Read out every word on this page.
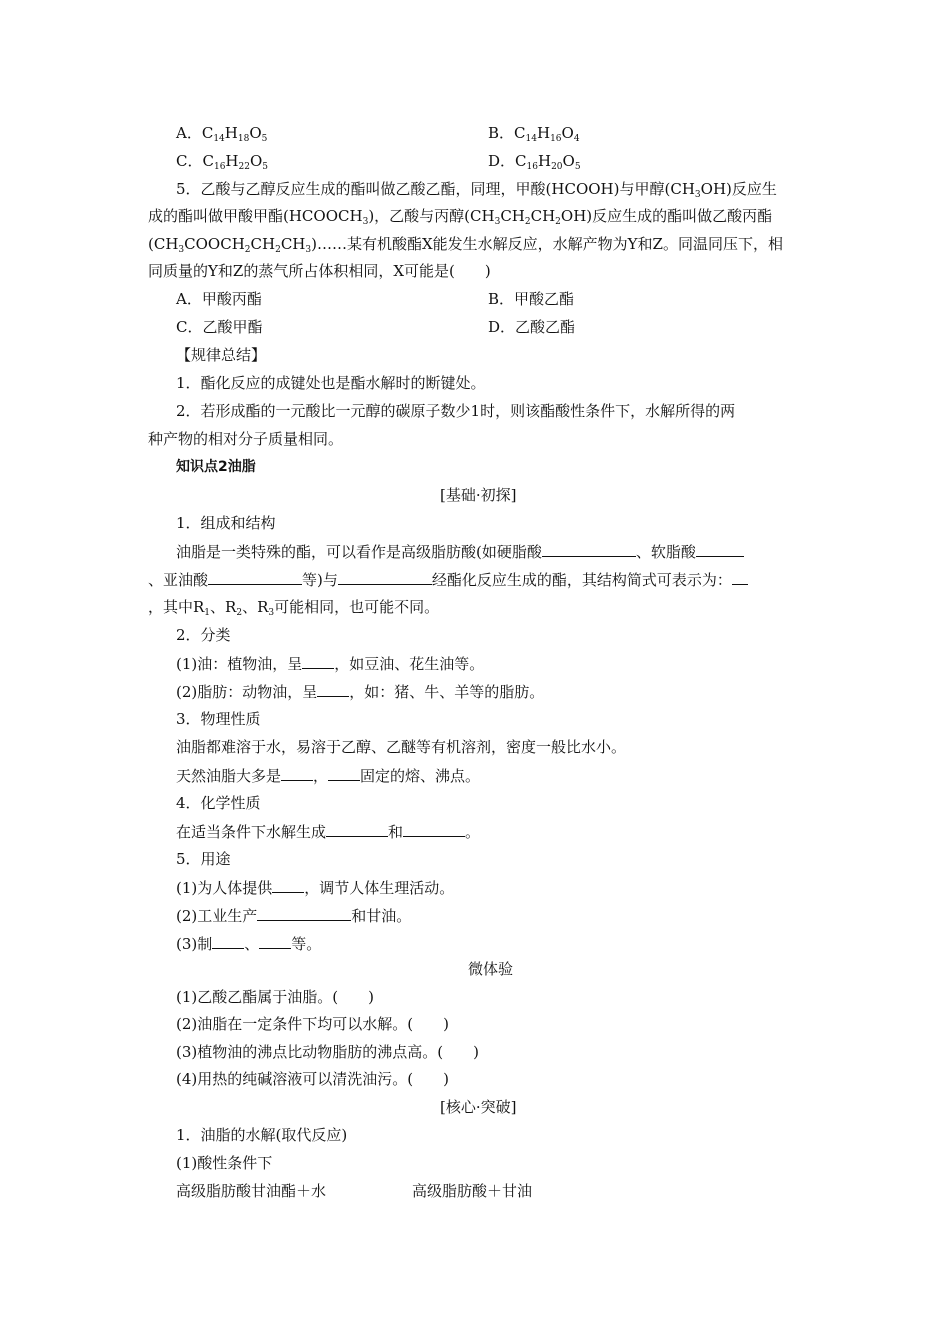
A．$C_{14}H_{18}O_5$	B．$C_{14}H_{16}O_4$
C．$C_{16}H_{22}O_5$	D．$C_{16}H_{20}O_5$
5．乙酸与乙醇反应生成的酯叫做乙酸乙酯，同理，甲酸(HCOOH)与甲醇$(CH_3OH)$反应生
成的酯叫做甲酸甲酯$(HCOOCH_3)$，乙酸与丙醇$(CH_3CH_2CH_2OH)$反应生成的酯叫做乙酸丙酯
$(CH_3COOCH_2CH_2CH_3)\dots\dots$某有机酸酯X能发生水解反应，水解产物为Y和Z。同温同压下，相
同质量的Y和Z的蒸气所占体积相同，X可能是(　　)
A．甲酸丙酯	B．甲酸乙酯
C．乙酸甲酯	D．乙酸乙酯
【规律总结】
1．酯化反应的成键处也是酯水解时的断键处。
2．若形成酯的一元酸比一元醇的碳原子数少1时，则该酯酸性条件下，水解所得的两
种产物的相对分子质量相同。
知识点2油脂
[基础·初探]
1．组成和结构
油脂是一类特殊的酯，可以看作是高级脂肪酸(如硬脂酸	、软脂酸
、亚油酸	等)与	经酯化反应生成的酯，其结构简式可表示为：
，其中$R_1$、$R_2$、$R_3$可能相同，也可能不同。
2．分类
(1)油：植物油，呈 ，如豆油、花生油等。
(2)脂肪：动物油，呈 ，如：猪、牛、羊等的脂肪。
3．物理性质
油脂都难溶于水，易溶于乙醇、乙醚等有机溶剂，密度一般比水小。
天然油脂大多是 ， 固定的熔、沸点。
4．化学性质
在适当条件下水解生成	和	。
5．用途
(1)为人体提供 ，调节人体生理活动。
(2)工业生产	和甘油。
(3)制 、 等。
微体验
(1)乙酸乙酯属于油脂。(　　)
(2)油脂在一定条件下均可以水解。(　　)
(3)植物油的沸点比动物脂肪的沸点高。(　　)
(4)用热的纯碱溶液可以清洗油污。(　　)
[核心·突破]
1．油脂的水解(取代反应)
(1)酸性条件下
高级脂肪酸甘油酯＋水	高级脂肪酸＋甘油
